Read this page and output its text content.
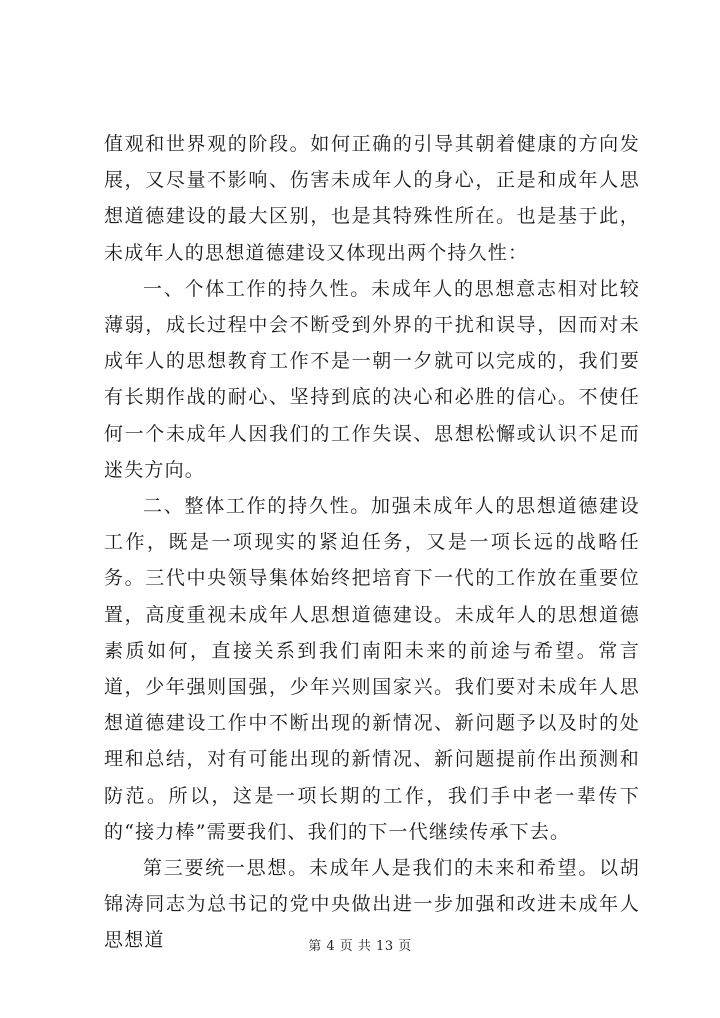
值观和世界观的阶段。如何正确的引导其朝着健康的方向发展，又尽量不影响、伤害未成年人的身心，正是和成年人思想道德建设的最大区别，也是其特殊性所在。也是基于此，未成年人的思想道德建设又体现出两个持久性：

一、个体工作的持久性。未成年人的思想意志相对比较薄弱，成长过程中会不断受到外界的干扰和误导，因而对未成年人的思想教育工作不是一朝一夕就可以完成的，我们要有长期作战的耐心、坚持到底的决心和必胜的信心。不使任何一个未成年人因我们的工作失误、思想松懈或认识不足而迷失方向。

二、整体工作的持久性。加强未成年人的思想道德建设工作，既是一项现实的紧迫任务，又是一项长远的战略任务。三代中央领导集体始终把培育下一代的工作放在重要位置，高度重视未成年人思想道德建设。未成年人的思想道德素质如何，直接关系到我们南阳未来的前途与希望。常言道，少年强则国强，少年兴则国家兴。我们要对未成年人思想道德建设工作中不断出现的新情况、新问题予以及时的处理和总结，对有可能出现的新情况、新问题提前作出预测和防范。所以，这是一项长期的工作，我们手中老一辈传下的“接力棒”需要我们、我们的下一代继续传承下去。

第三要统一思想。未成年人是我们的未来和希望。以胡锦涛同志为总书记的党中央做出进一步加强和改进未成年人思想道	第 4 页 共 13 页
